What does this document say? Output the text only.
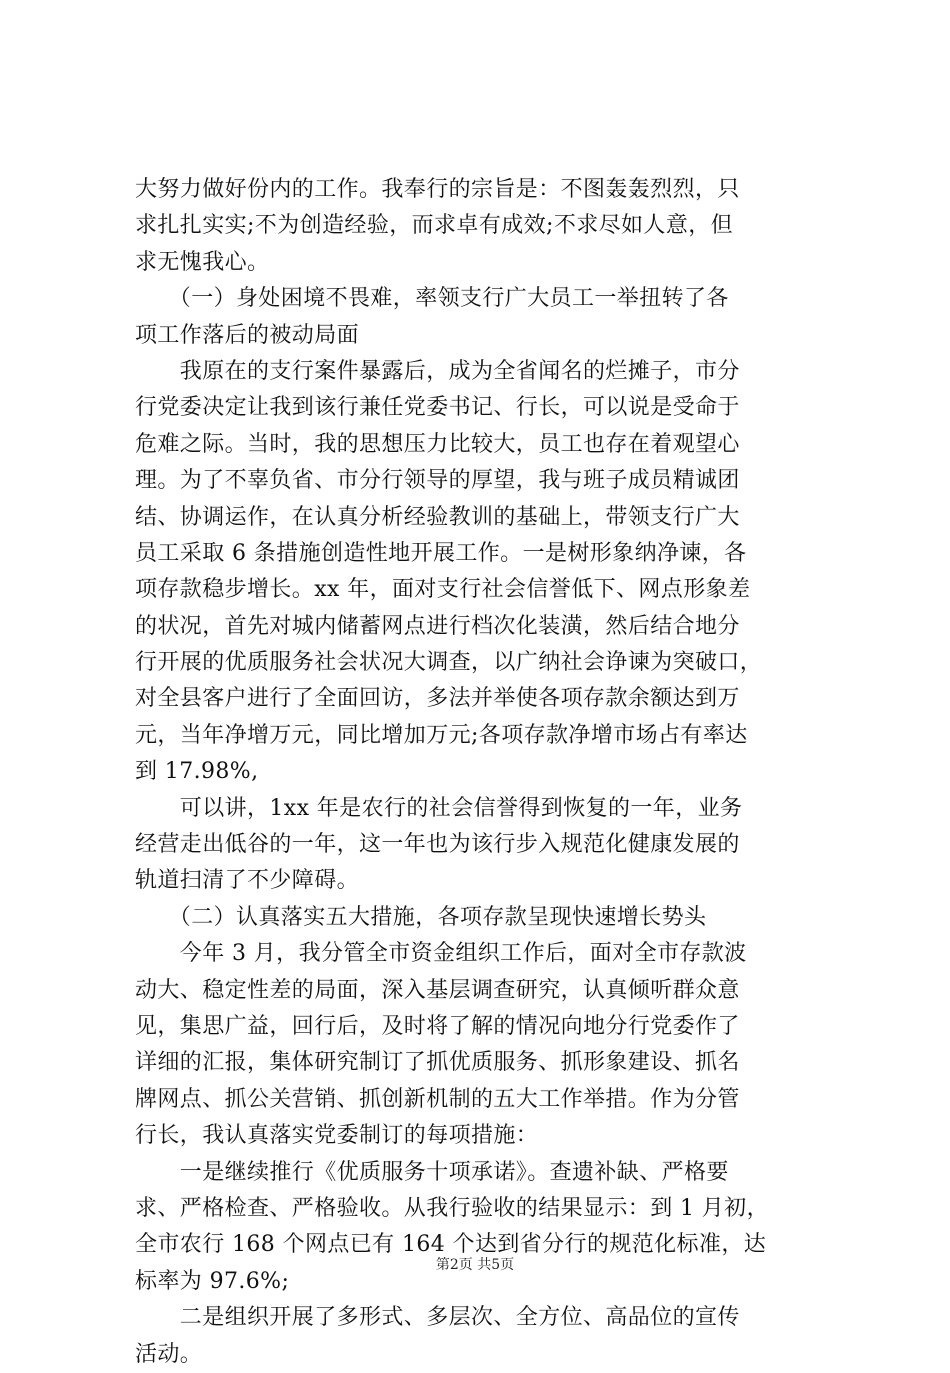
大努力做好份内的工作。我奉行的宗旨是：不图轰轰烈烈，只
求扎扎实实;不为创造经验，而求卓有成效;不求尽如人意，但
求无愧我心。
　　（一）身处困境不畏难，率领支行广大员工一举扭转了各
项工作落后的被动局面
　　我原在的支行案件暴露后，成为全省闻名的烂摊子，市分
行党委决定让我到该行兼任党委书记、行长，可以说是受命于
危难之际。当时，我的思想压力比较大，员工也存在着观望心
理。为了不辜负省、市分行领导的厚望，我与班子成员精诚团
结、协调运作，在认真分析经验教训的基础上，带领支行广大
员工采取 6 条措施创造性地开展工作。一是树形象纳净谏，各
项存款稳步增长。xx 年，面对支行社会信誉低下、网点形象差
的状况，首先对城内储蓄网点进行档次化装潢，然后结合地分
行开展的优质服务社会状况大调查，以广纳社会诤谏为突破口，
对全县客户进行了全面回访，多法并举使各项存款余额达到万
元，当年净增万元，同比增加万元;各项存款净增市场占有率达
到 17.98%,
　　可以讲，1xx 年是农行的社会信誉得到恢复的一年，业务
经营走出低谷的一年，这一年也为该行步入规范化健康发展的
轨道扫清了不少障碍。
　　（二）认真落实五大措施，各项存款呈现快速增长势头
　　今年 3 月，我分管全市资金组织工作后，面对全市存款波
动大、稳定性差的局面，深入基层调查研究，认真倾听群众意
见，集思广益，回行后，及时将了解的情况向地分行党委作了
详细的汇报，集体研究制订了抓优质服务、抓形象建设、抓名
牌网点、抓公关营销、抓创新机制的五大工作举措。作为分管
行长，我认真落实党委制订的每项措施：
　　一是继续推行《优质服务十项承诺》。查遗补缺、严格要
求、严格检查、严格验收。从我行验收的结果显示：到 1 月初，
全市农行 168 个网点已有 164 个达到省分行的规范化标准，达
标率为 97.6%;
　　二是组织开展了多形式、多层次、全方位、高品位的宣传
活动。
第2页 共5页
